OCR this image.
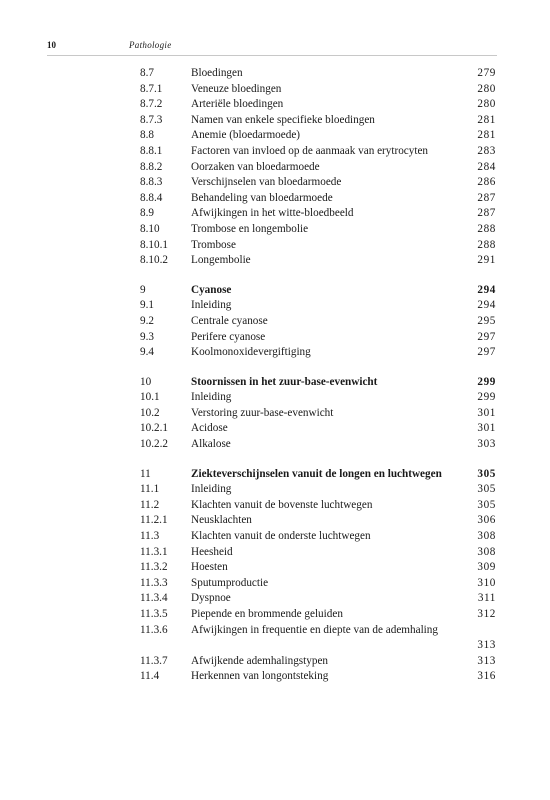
10	Pathologie
8.7	Bloedingen	279
8.7.1	Veneuze bloedingen	280
8.7.2	Arteriële bloedingen	280
8.7.3	Namen van enkele specifieke bloedingen	281
8.8	Anemie (bloedarmoede)	281
8.8.1	Factoren van invloed op de aanmaak van erytrocyten	283
8.8.2	Oorzaken van bloedarmoede	284
8.8.3	Verschijnselen van bloedarmoede	286
8.8.4	Behandeling van bloedarmoede	287
8.9	Afwijkingen in het witte-bloedbeeld	287
8.10	Trombose en longembolie	288
8.10.1	Trombose	288
8.10.2	Longembolie	291
9	Cyanose	294
9.1	Inleiding	294
9.2	Centrale cyanose	295
9.3	Perifere cyanose	297
9.4	Koolmonoxidevergiftiging	297
10	Stoornissen in het zuur-base-evenwicht	299
10.1	Inleiding	299
10.2	Verstoring zuur-base-evenwicht	301
10.2.1	Acidose	301
10.2.2	Alkalose	303
11	Ziekteverschijnselen vanuit de longen en luchtwegen	305
11.1	Inleiding	305
11.2	Klachten vanuit de bovenste luchtwegen	305
11.2.1	Neusklachten	306
11.3	Klachten vanuit de onderste luchtwegen	308
11.3.1	Heesheid	308
11.3.2	Hoesten	309
11.3.3	Sputumproductie	310
11.3.4	Dyspnoe	311
11.3.5	Piepende en brommende geluiden	312
11.3.6	Afwijkingen in frequentie en diepte van de ademhaling
313
11.3.7	Afwijkende ademhalingstypen	313
11.4	Herkennen van longontsteking	316
